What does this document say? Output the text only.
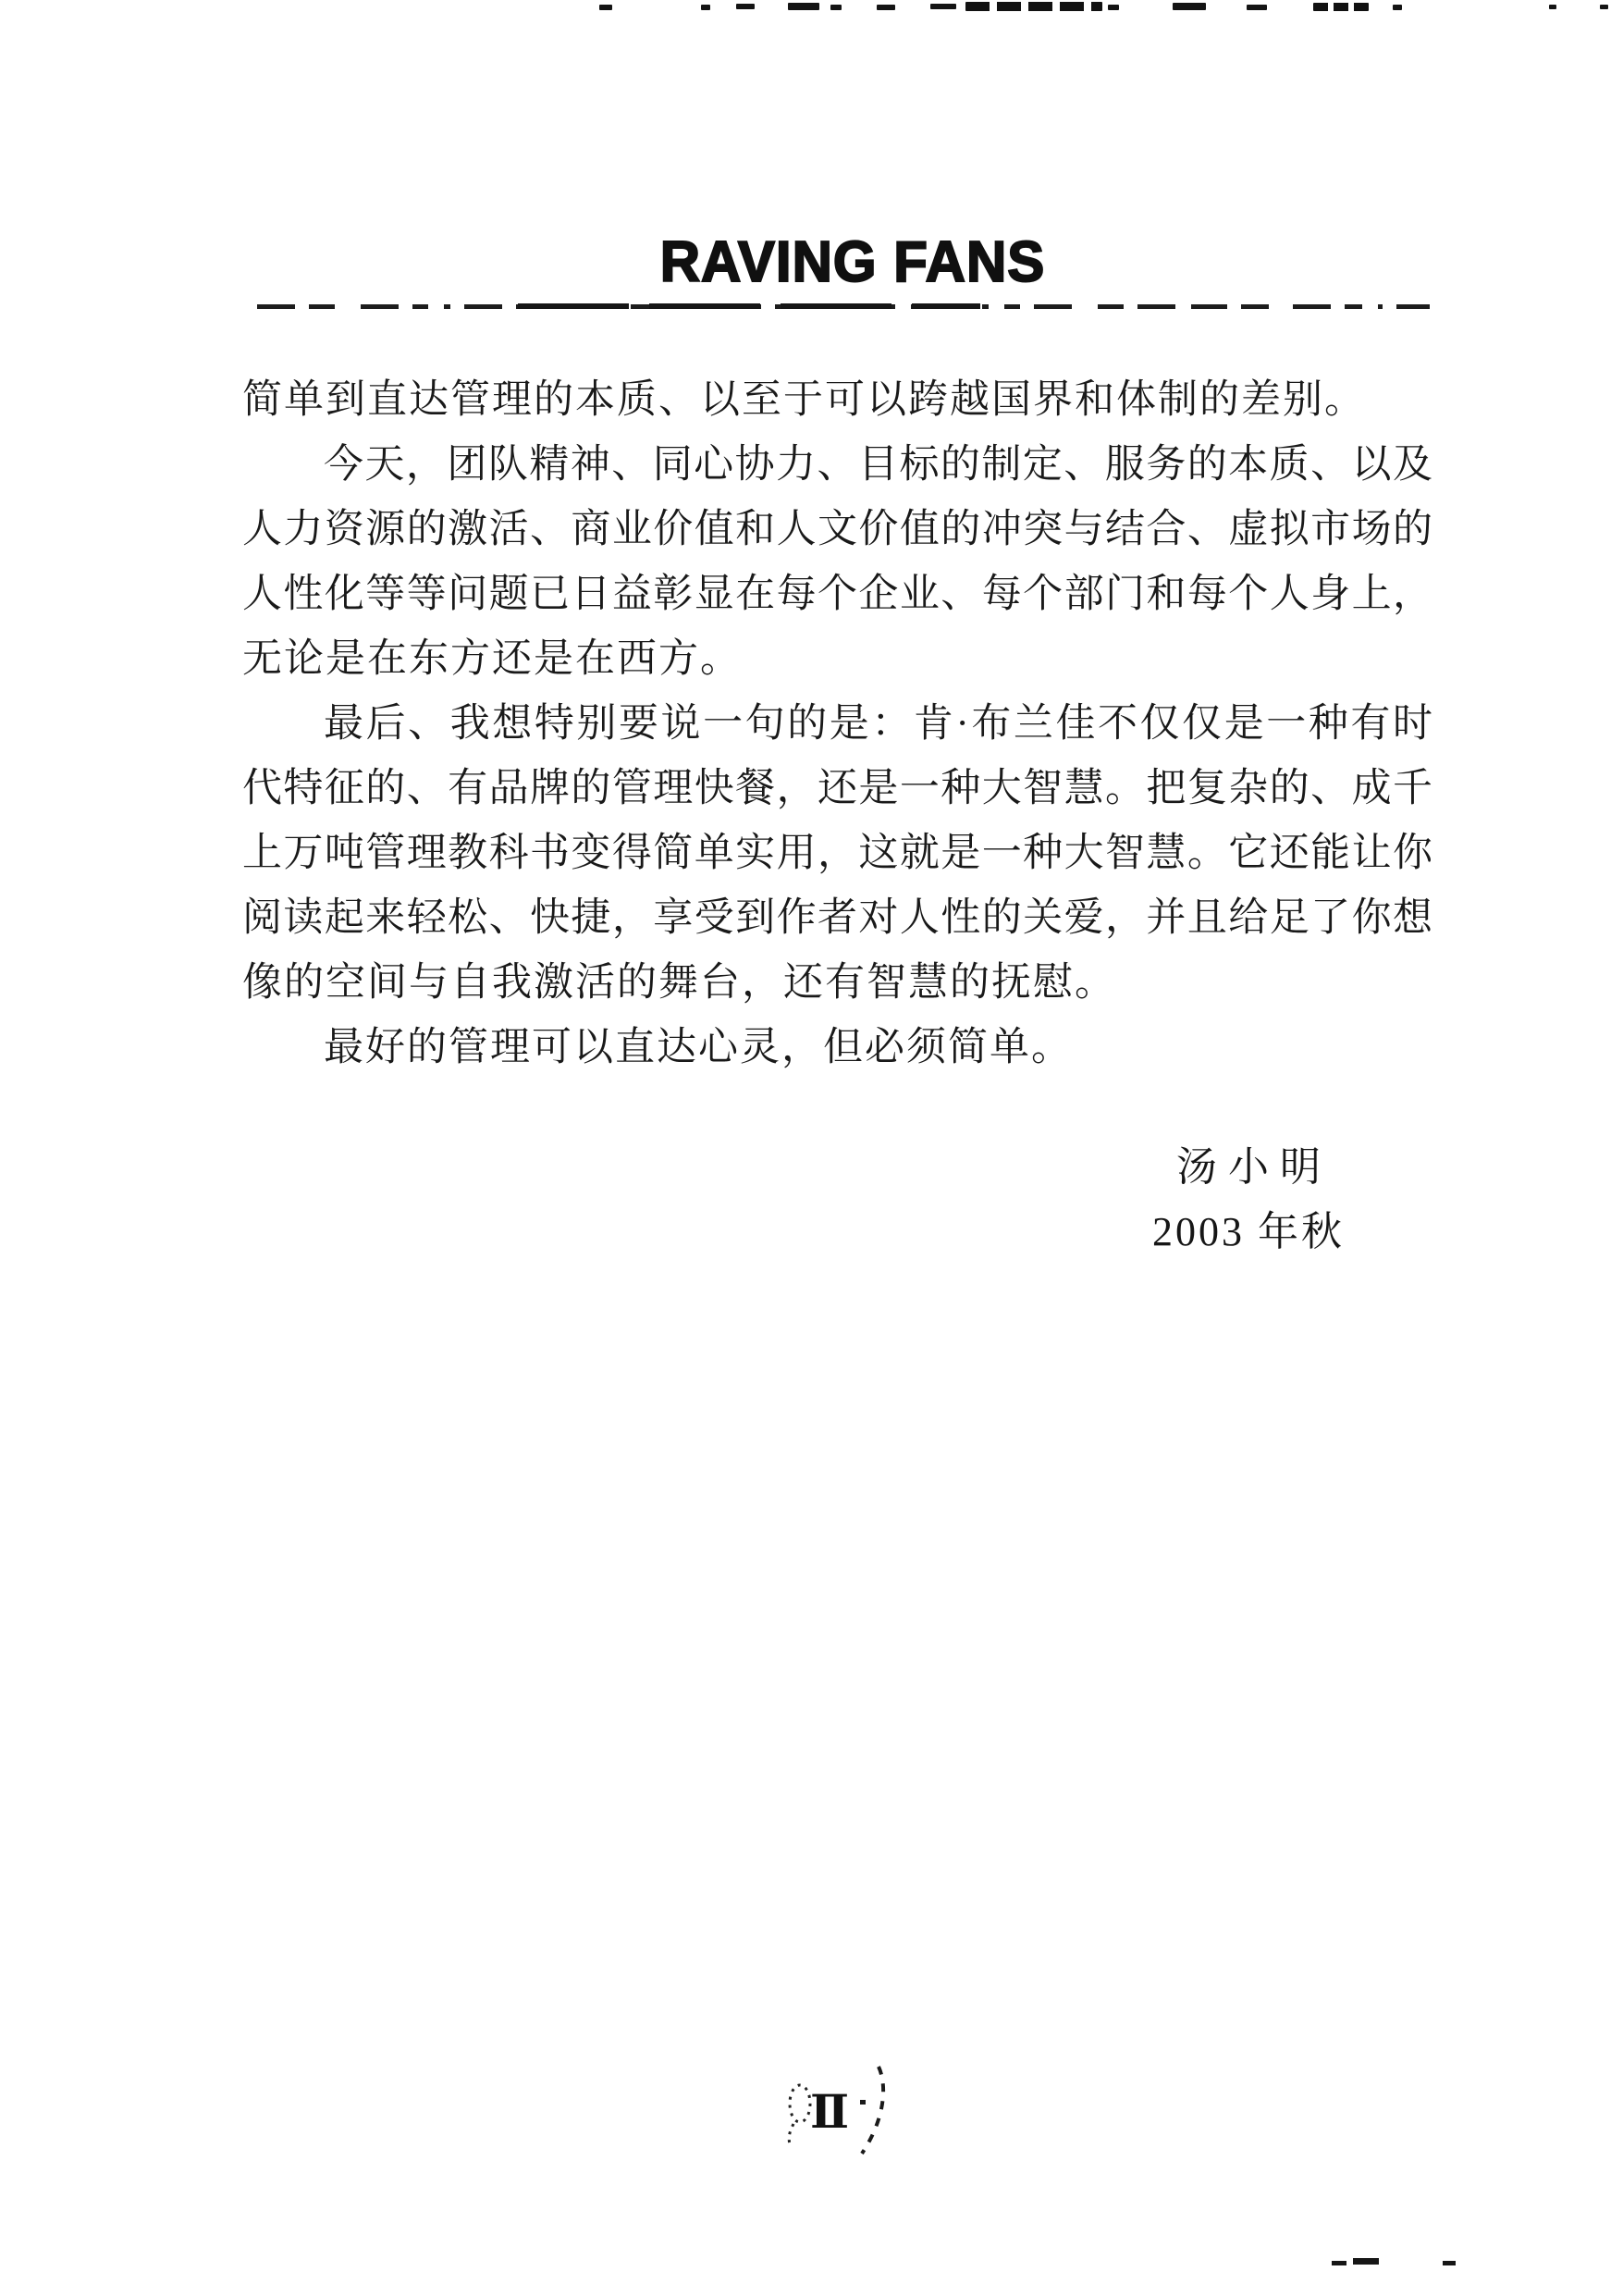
RAVING FANS
简单到直达管理的本质、以至于可以跨越国界和体制的差别。
今天，团队精神、同心协力、目标的制定、服务的本质、以及
人力资源的激活、商业价值和人文价值的冲突与结合、虚拟市场的
人性化等等问题已日益彰显在每个企业、每个部门和每个人身上，
无论是在东方还是在西方。
最后、我想特别要说一句的是：肯·布兰佳不仅仅是一种有时
代特征的、有品牌的管理快餐，还是一种大智慧。把复杂的、成千
上万吨管理教科书变得简单实用，这就是一种大智慧。它还能让你
阅读起来轻松、快捷，享受到作者对人性的关爱，并且给足了你想
像的空间与自我激活的舞台，还有智慧的抚慰。
最好的管理可以直达心灵，但必须简单。
汤小明
2003 年秋
Ⅱ
